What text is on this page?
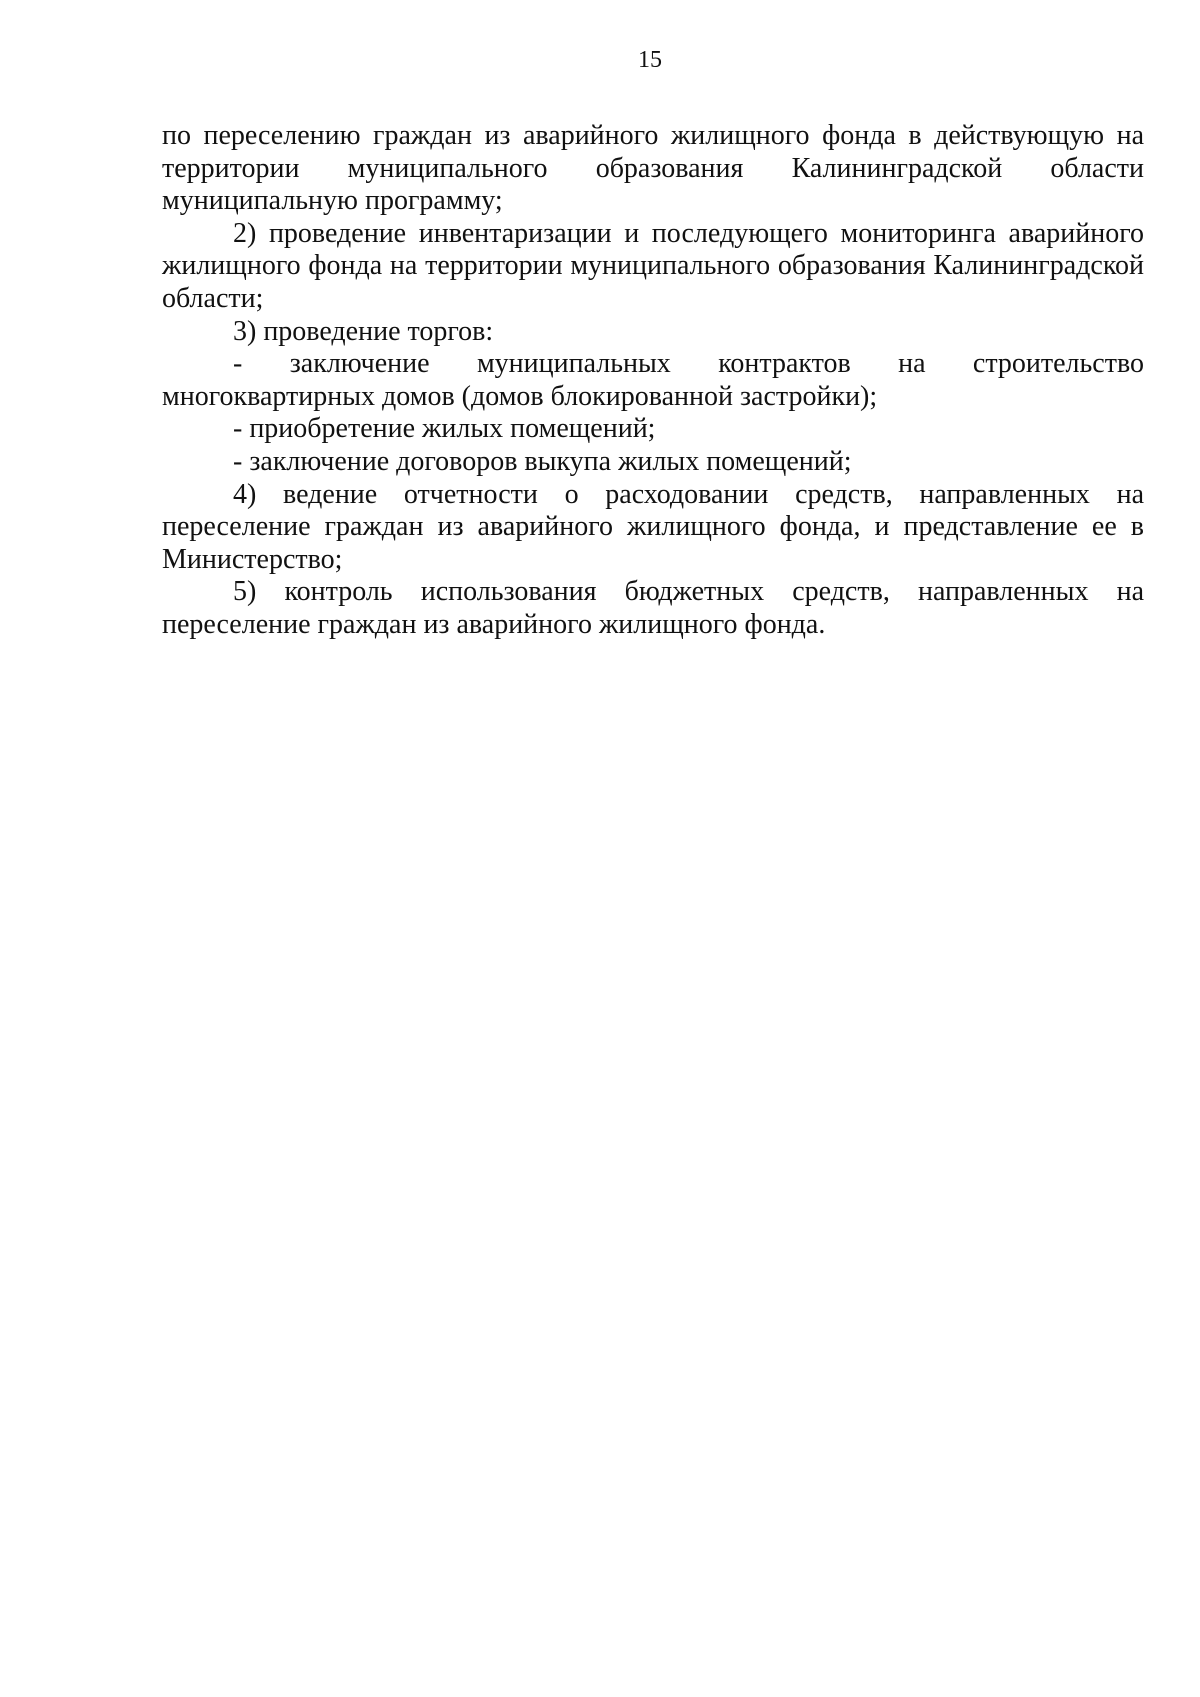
15

по переселению граждан из аварийного жилищного фонда в действующую на территории муниципального образования Калининградской области муниципальную программу;

2) проведение инвентаризации и последующего мониторинга аварийного жилищного фонда на территории муниципального образования Калининградской области;

3) проведение торгов:

- заключение муниципальных контрактов на строительство многоквартирных домов (домов блокированной застройки);

- приобретение жилых помещений;

- заключение договоров выкупа жилых помещений;

4) ведение отчетности о расходовании средств, направленных на переселение граждан из аварийного жилищного фонда, и представление ее в Министерство;

5) контроль использования бюджетных средств, направленных на переселение граждан из аварийного жилищного фонда.
